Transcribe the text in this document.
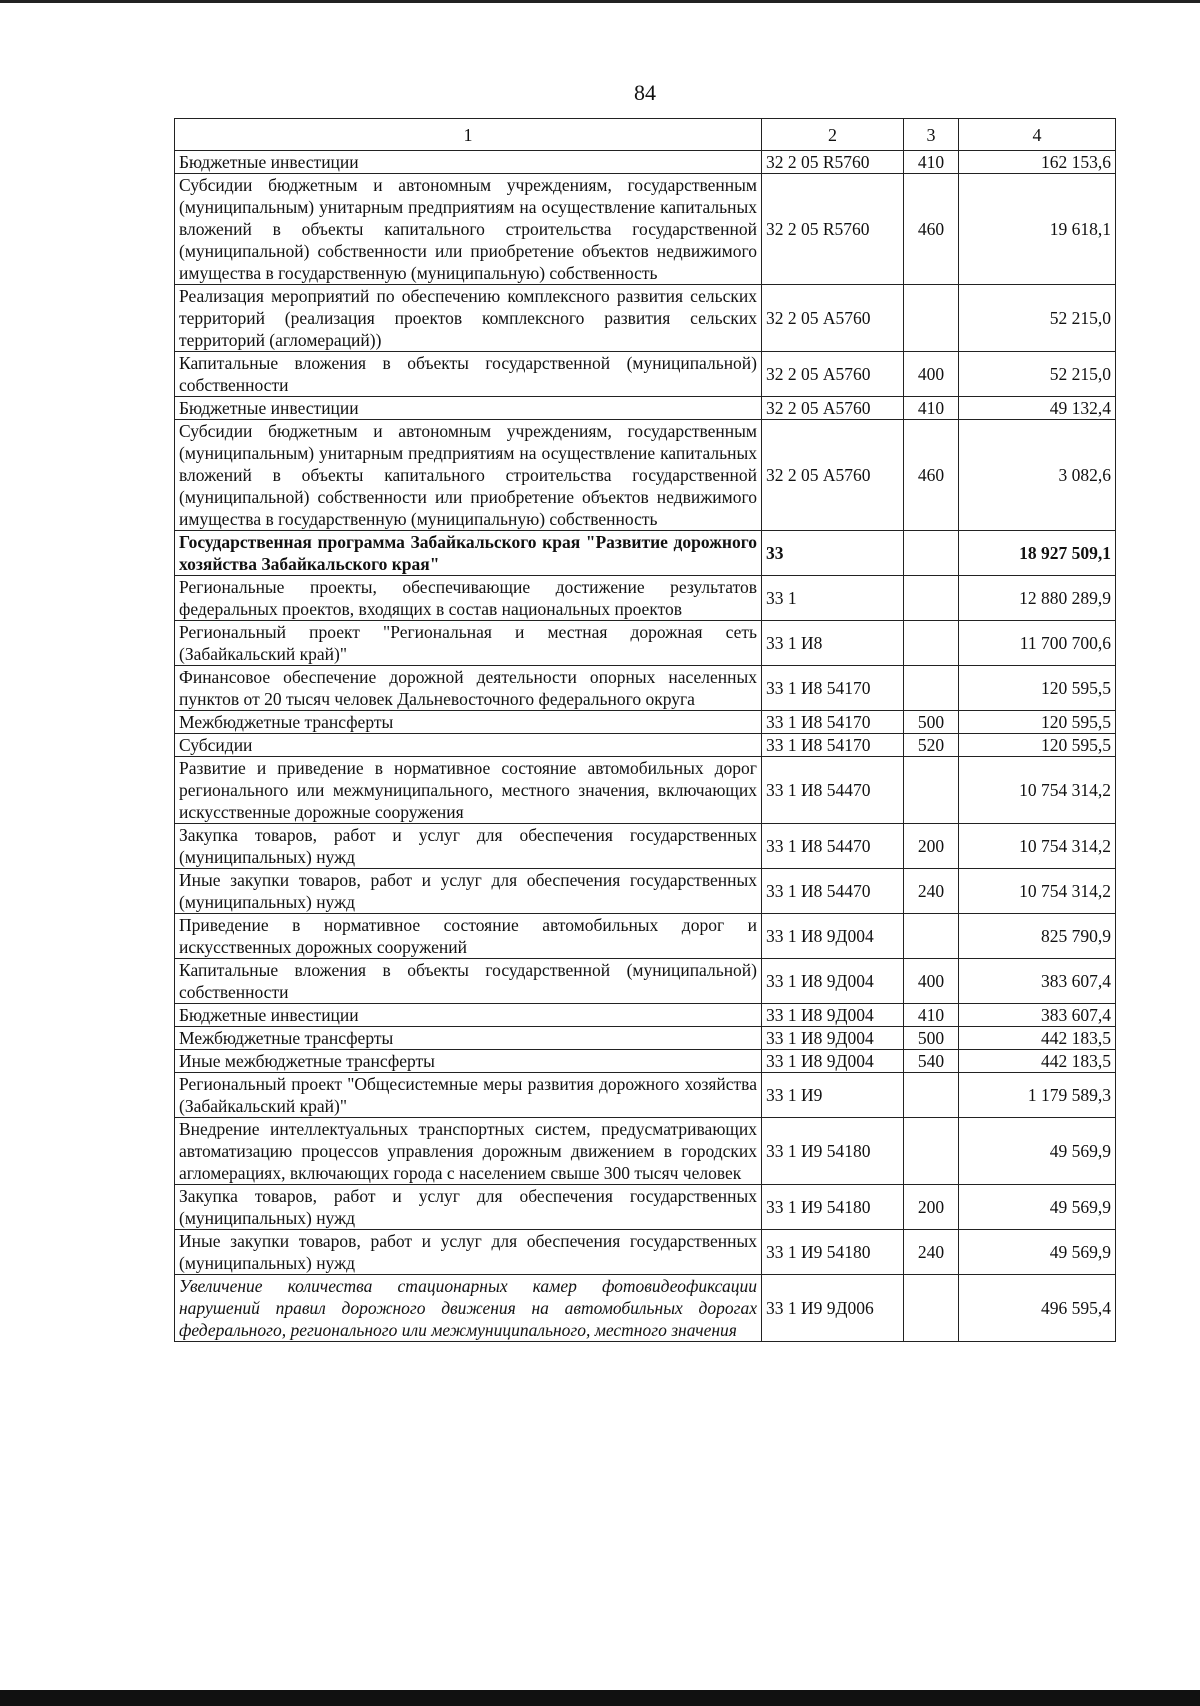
84
1	2	3	4
Бюджетные инвестиции	32 2 05 R5760	410	162 153,6
Субсидии бюджетным и автономным учреждениям, государственным (муниципальным) унитарным предприятиям на осуществление капитальных вложений в объекты капитального строительства государственной (муниципальной) собственности или приобретение объектов недвижимого имущества в государственную (муниципальную) собственность	32 2 05 R5760	460	19 618,1
Реализация мероприятий по обеспечению комплексного развития сельских территорий (реализация проектов комплексного развития сельских территорий (агломераций))	32 2 05 А5760		52 215,0
Капитальные вложения в объекты государственной (муниципальной) собственности	32 2 05 А5760	400	52 215,0
Бюджетные инвестиции	32 2 05 А5760	410	49 132,4
Субсидии бюджетным и автономным учреждениям, государственным (муниципальным) унитарным предприятиям на осуществление капитальных вложений в объекты капитального строительства государственной (муниципальной) собственности или приобретение объектов недвижимого имущества в государственную (муниципальную) собственность	32 2 05 А5760	460	3 082,6
Государственная программа Забайкальского края "Развитие дорожного хозяйства Забайкальского края"	33		18 927 509,1
Региональные проекты, обеспечивающие достижение результатов федеральных проектов, входящих в состав национальных проектов	33 1		12 880 289,9
Региональный проект "Региональная и местная дорожная сеть (Забайкальский край)"	33 1 И8		11 700 700,6
Финансовое обеспечение дорожной деятельности опорных населенных пунктов от 20 тысяч человек Дальневосточного федерального округа	33 1 И8 54170		120 595,5
Межбюджетные трансферты	33 1 И8 54170	500	120 595,5
Субсидии	33 1 И8 54170	520	120 595,5
Развитие и приведение в нормативное состояние автомобильных дорог регионального или межмуниципального, местного значения, включающих искусственные дорожные сооружения	33 1 И8 54470		10 754 314,2
Закупка товаров, работ и услуг для обеспечения государственных (муниципальных) нужд	33 1 И8 54470	200	10 754 314,2
Иные закупки товаров, работ и услуг для обеспечения государственных (муниципальных) нужд	33 1 И8 54470	240	10 754 314,2
Приведение в нормативное состояние автомобильных дорог и искусственных дорожных сооружений	33 1 И8 9Д004		825 790,9
Капитальные вложения в объекты государственной (муниципальной) собственности	33 1 И8 9Д004	400	383 607,4
Бюджетные инвестиции	33 1 И8 9Д004	410	383 607,4
Межбюджетные трансферты	33 1 И8 9Д004	500	442 183,5
Иные межбюджетные трансферты	33 1 И8 9Д004	540	442 183,5
Региональный проект "Общесистемные меры развития дорожного хозяйства (Забайкальский край)"	33 1 И9		1 179 589,3
Внедрение интеллектуальных транспортных систем, предусматривающих автоматизацию процессов управления дорожным движением в городских агломерациях, включающих города с населением свыше 300 тысяч человек	33 1 И9 54180		49 569,9
Закупка товаров, работ и услуг для обеспечения государственных (муниципальных) нужд	33 1 И9 54180	200	49 569,9
Иные закупки товаров, работ и услуг для обеспечения государственных (муниципальных) нужд	33 1 И9 54180	240	49 569,9
Увеличение количества стационарных камер фотовидеофиксации нарушений правил дорожного движения на автомобильных дорогах федерального, регионального или межмуниципального, местного значения	33 1 И9 9Д006		496 595,4
